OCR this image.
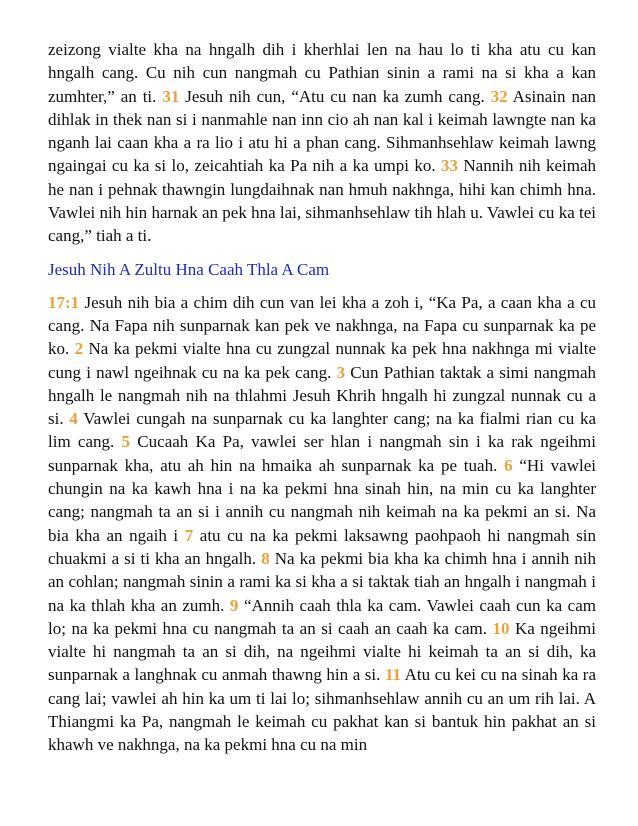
zeizong vialte kha na hngalh dih i kherhlai len na hau lo ti kha atu cu kan hngalh cang. Cu nih cun nangmah cu Pathian sinin a rami na si kha a kan zumhter,” an ti. 31 Jesuh nih cun, “Atu cu nan ka zumh cang. 32 Asinain nan dihlak in thek nan si i nanmahle nan inn cio ah nan kal i keimah lawngte nan ka nganh lai caan kha a ra lio i atu hi a phan cang. Sihmanhsehlaw keimah lawng ngaingai cu ka si lo, zeicahtiah ka Pa nih a ka umpi ko. 33 Nannih nih keimah he nan i pehnak thawngin lungdaihnak nan hmuh nakhnga, hihi kan chimh hna. Vawlei nih hin harnak an pek hna lai, sihmanhsehlaw tih hlah u. Vawlei cu ka tei cang,” tiah a ti.

Jesuh Nih A Zultu Hna Caah Thla A Cam

17:1 Jesuh nih bia a chim dih cun van lei kha a zoh i, “Ka Pa, a caan kha a cu cang. Na Fapa nih sunparnak kan pek ve nakhnga, na Fapa cu sunparnak ka pe ko. 2 Na ka pekmi vialte hna cu zungzal nunnak ka pek hna nakhnga mi vialte cung i nawl ngeihnak cu na ka pek cang. 3 Cun Pathian taktak a simi nangmah hngalh le nangmah nih na thlahmi Jesuh Khrih hngalh hi zungzal nunnak cu a si. 4 Vawlei cungah na sunparnak cu ka langhter cang; na ka fialmi rian cu ka lim cang. 5 Cucaah Ka Pa, vawlei ser hlan i nangmah sin i ka rak ngeihmi sunparnak kha, atu ah hin na hmaika ah sunparnak ka pe tuah. 6 “Hi vawlei chungin na ka kawh hna i na ka pekmi hna sinah hin, na min cu ka langhter cang; nangmah ta an si i annih cu nangmah nih keimah na ka pekmi an si. Na bia kha an ngaih i 7 atu cu na ka pekmi laksawng paohpaoh hi nangmah sin chuakmi a si ti kha an hngalh. 8 Na ka pekmi bia kha ka chimh hna i annih nih an cohlan; nangmah sinin a rami ka si kha a si taktak tiah an hngalh i nangmah i na ka thlah kha an zumh. 9 “Annih caah thla ka cam. Vawlei caah cun ka cam lo; na ka pekmi hna cu nangmah ta an si caah an caah ka cam. 10 Ka ngeihmi vialte hi nangmah ta an si dih, na ngeihmi vialte hi keimah ta an si dih, ka sunparnak a langhnak cu anmah thawng hin a si. 11 Atu cu kei cu na sinah ka ra cang lai; vawlei ah hin ka um ti lai lo; sihmanhsehlaw annih cu an um rih lai. A Thiangmi ka Pa, nangmah le keimah cu pakhat kan si bantuk hin pakhat an si khawh ve nakhnga, na ka pekmi hna cu na min
